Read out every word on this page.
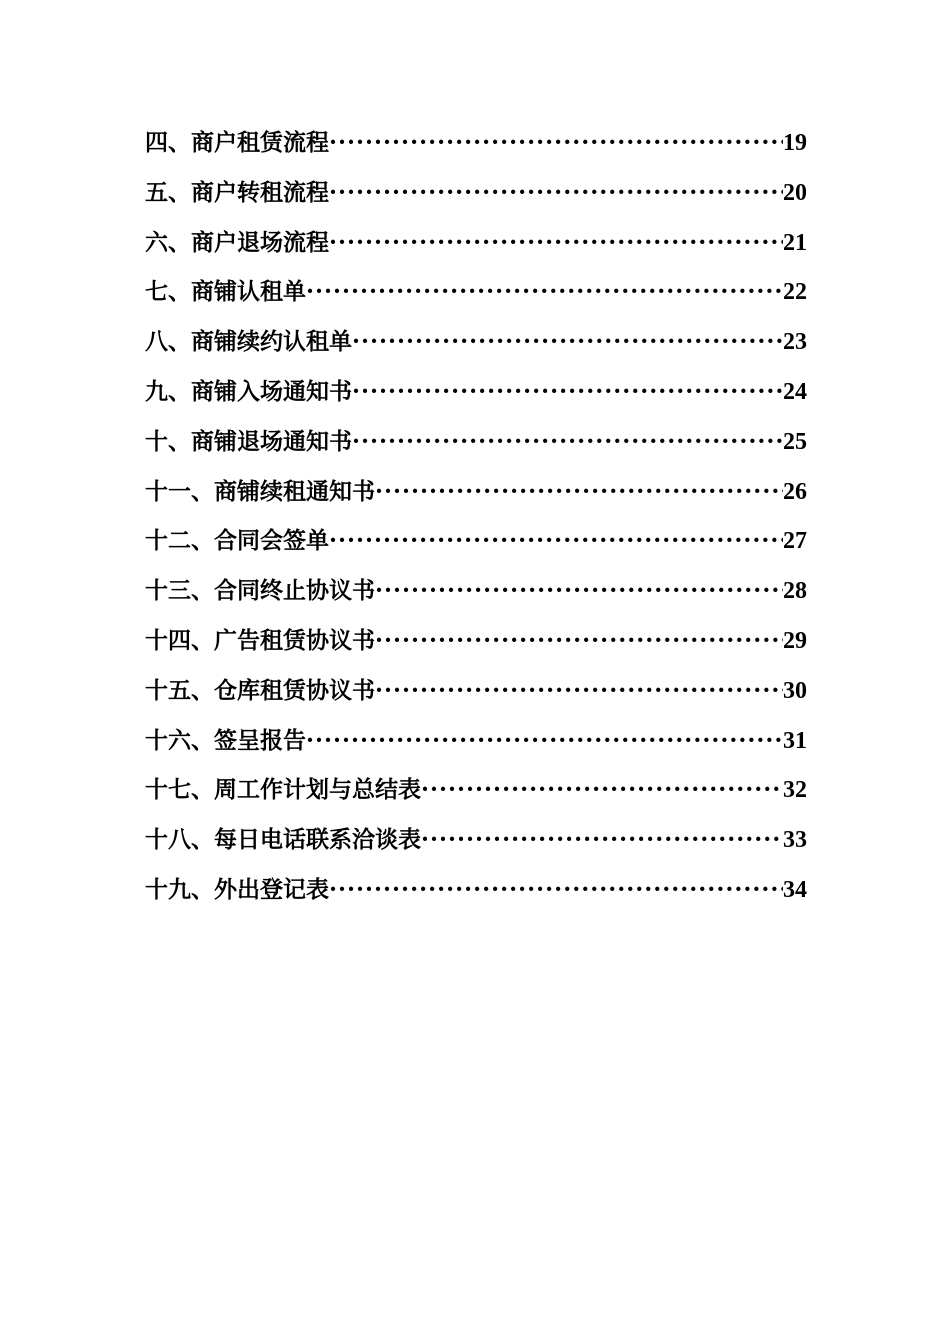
四、商户租赁流程 ·····	19
五、商户转租流程 ·····	20
六、商户退场流程 ·····	21
七、商铺认租单 ·····	22
八、商铺续约认租单 ·····	23
九、商铺入场通知书 ·····	24
十、商铺退场通知书 ·····	25
十一、商铺续租通知书 ·····	26
十二、合同会签单 ·····	27
十三、合同终止协议书 ·····	28
十四、广告租赁协议书 ·····	29
十五、仓库租赁协议书 ·····	30
十六、签呈报告 ·····	31
十七、周工作计划与总结表 ·····	32
十八、每日电话联系洽谈表 ·····	33
十九、外出登记表 ·····	34
